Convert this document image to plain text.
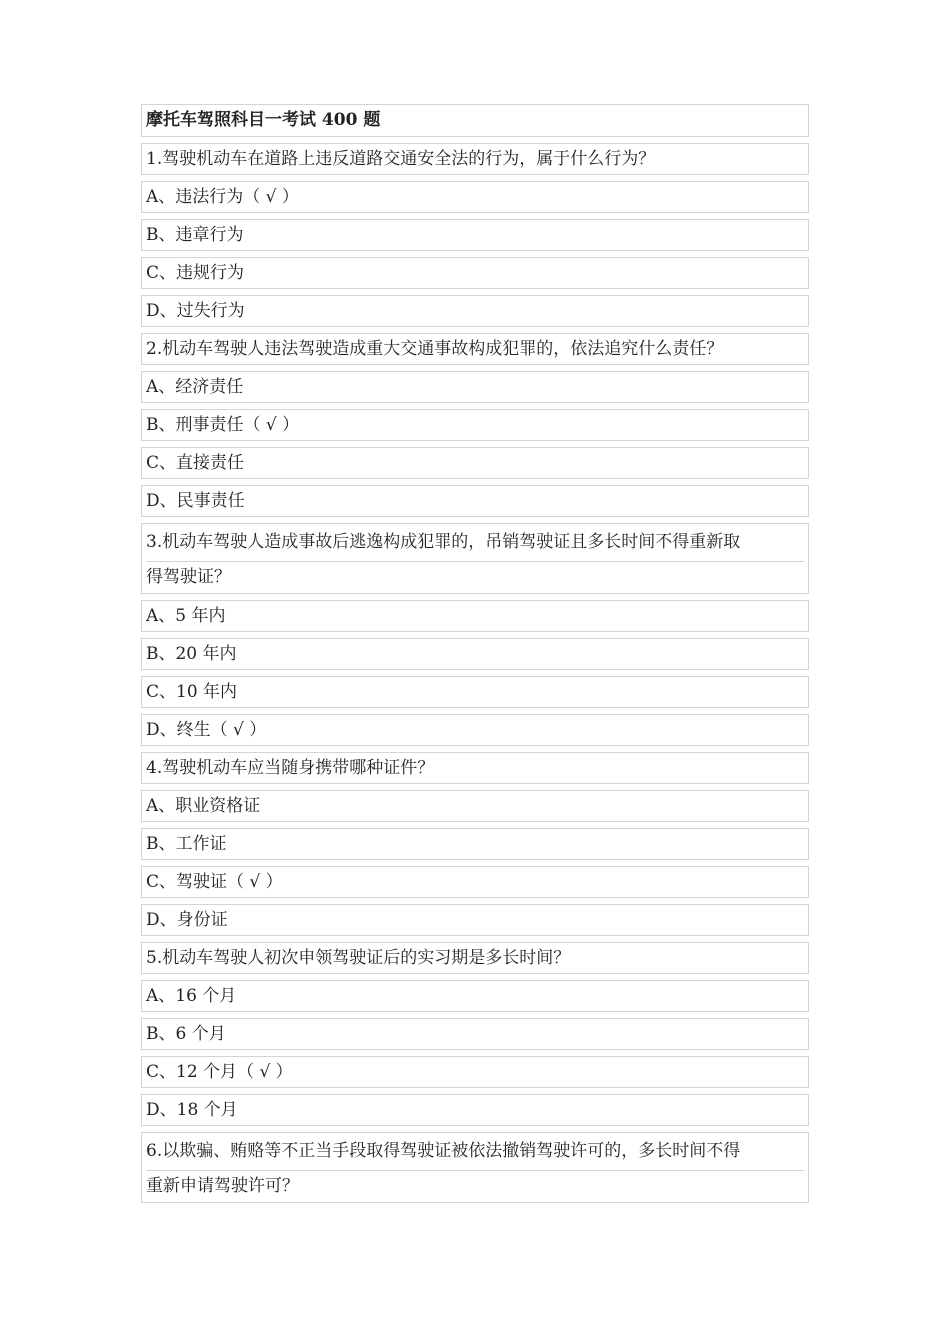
摩托车驾照科目一考试 400 题
1.驾驶机动车在道路上违反道路交通安全法的行为，属于什么行为？
A、违法行为（ √ ）
B、违章行为
C、违规行为
D、过失行为
2.机动车驾驶人违法驾驶造成重大交通事故构成犯罪的，依法追究什么责任？
A、经济责任
B、刑事责任（ √ ）
C、直接责任
D、民事责任
3.机动车驾驶人造成事故后逃逸构成犯罪的，吊销驾驶证且多长时间不得重新取
得驾驶证？
A、5 年内
B、20 年内
C、10 年内
D、终生（ √ ）
4.驾驶机动车应当随身携带哪种证件？
A、职业资格证
B、工作证
C、驾驶证（ √ ）
D、身份证
5.机动车驾驶人初次申领驾驶证后的实习期是多长时间？
A、16 个月
B、6 个月
C、12 个月（ √ ）
D、18 个月
6.以欺骗、贿赂等不正当手段取得驾驶证被依法撤销驾驶许可的，多长时间不得
重新申请驾驶许可？
